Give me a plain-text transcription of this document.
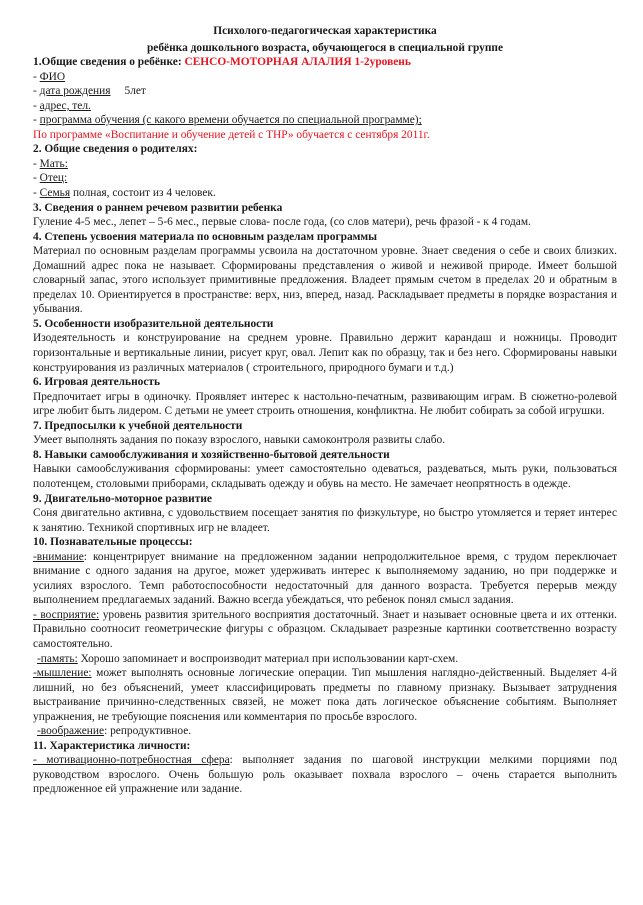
Психолого-педагогическая характеристика
ребёнка дошкольного возраста, обучающегося в специальной группе

1.Общие сведения о ребёнке: СЕНСО-МОТОРНАЯ АЛАЛИЯ 1-2уровень

- ФИО

- дата рождения 5лет

- адрес, тел.

- программа обучения (с какого времени обучается по специальной программе);

По программе «Воспитание и обучение детей с ТНР» обучается с сентября 2011г.

2. Общие сведения о родителях:

- Мать:

- Отец:

- Семья полная, состоит из 4 человек.

3. Сведения о раннем речевом развитии ребенка

Гуление 4-5 мес., лепет – 5-6 мес., первые слова- после года, (со слов матери), речь фразой - к 4 годам.

4. Степень усвоения материала по основным разделам программы

Материал по основным разделам программы усвоила на достаточном уровне. Знает сведения о себе и своих близких. Домашний адрес пока не называет. Сформированы представления о живой и неживой природе. Имеет большой словарный запас, этого использует примитивные предложения. Владеет прямым счетом в пределах 20 и обратным в пределах 10. Ориентируется в пространстве: верх, низ, вперед, назад. Раскладывает предметы в порядке возрастания и убывания.

5. Особенности изобразительной деятельности

Изодеятельность и конструирование на среднем уровне. Правильно держит карандаш и ножницы. Проводит горизонтальные и вертикальные линии, рисует круг, овал. Лепит как по образцу, так и без него. Сформированы навыки конструирования из различных материалов ( строительного, природного бумаги и т.д.)

6. Игровая деятельность

Предпочитает игры в одиночку. Проявляет интерес к настольно-печатным, развивающим играм. В сюжетно-ролевой игре любит быть лидером. С детьми не умеет строить отношения, конфликтна. Не любит собирать за собой игрушки.

7. Предпосылки к учебной деятельности

Умеет выполнять задания по показу взрослого, навыки самоконтроля развиты слабо.

8. Навыки самообслуживания и хозяйственно-бытовой деятельности

Навыки самообслуживания сформированы: умеет самостоятельно одеваться, раздеваться, мыть руки, пользоваться полотенцем, столовыми приборами, складывать одежду и обувь на место. Не замечает неопрятность в одежде.

9. Двигательно-моторное развитие

Соня двигательно активна, с удовольствием посещает занятия по физкультуре, но быстро утомляется и теряет интерес к занятию. Техникой спортивных игр не владеет.

10. Познавательные процессы:

-внимание: концентрирует внимание на предложенном задании непродолжительное время, с трудом переключает внимание с одного задания на другое, может удерживать интерес к выполняемому заданию, но при поддержке и усилиях взрослого. Темп работоспособности недостаточный для данного возраста. Требуется перерыв между выполнением предлагаемых заданий. Важно всегда убеждаться, что ребенок понял смысл задания.

- восприятие: уровень развития зрительного восприятия достаточный. Знает и называет основные цвета и их оттенки. Правильно соотносит геометрические фигуры с образцом. Складывает разрезные картинки соответственно возрасту самостоятельно.

-память: Хорошо запоминает и воспроизводит материал при использовании карт-схем.

-мышление: может выполнять основные логические операции. Тип мышления наглядно-действенный. Выделяет 4-й лишний, но без объяснений, умеет классифицировать предметы по главному признаку. Вызывает затруднения выстраивание причинно-следственных связей, не может пока дать логическое объяснение событиям. Выполняет упражнения, не требующие пояснения или комментария по просьбе взрослого.

-воображение: репродуктивное.

11. Характеристика личности:

- мотивационно-потребностная сфера: выполняет задания по шаговой инструкции мелкими порциями под руководством взрослого. Очень большую роль оказывает похвала взрослого – очень старается выполнить предложенное ей упражнение или задание.
